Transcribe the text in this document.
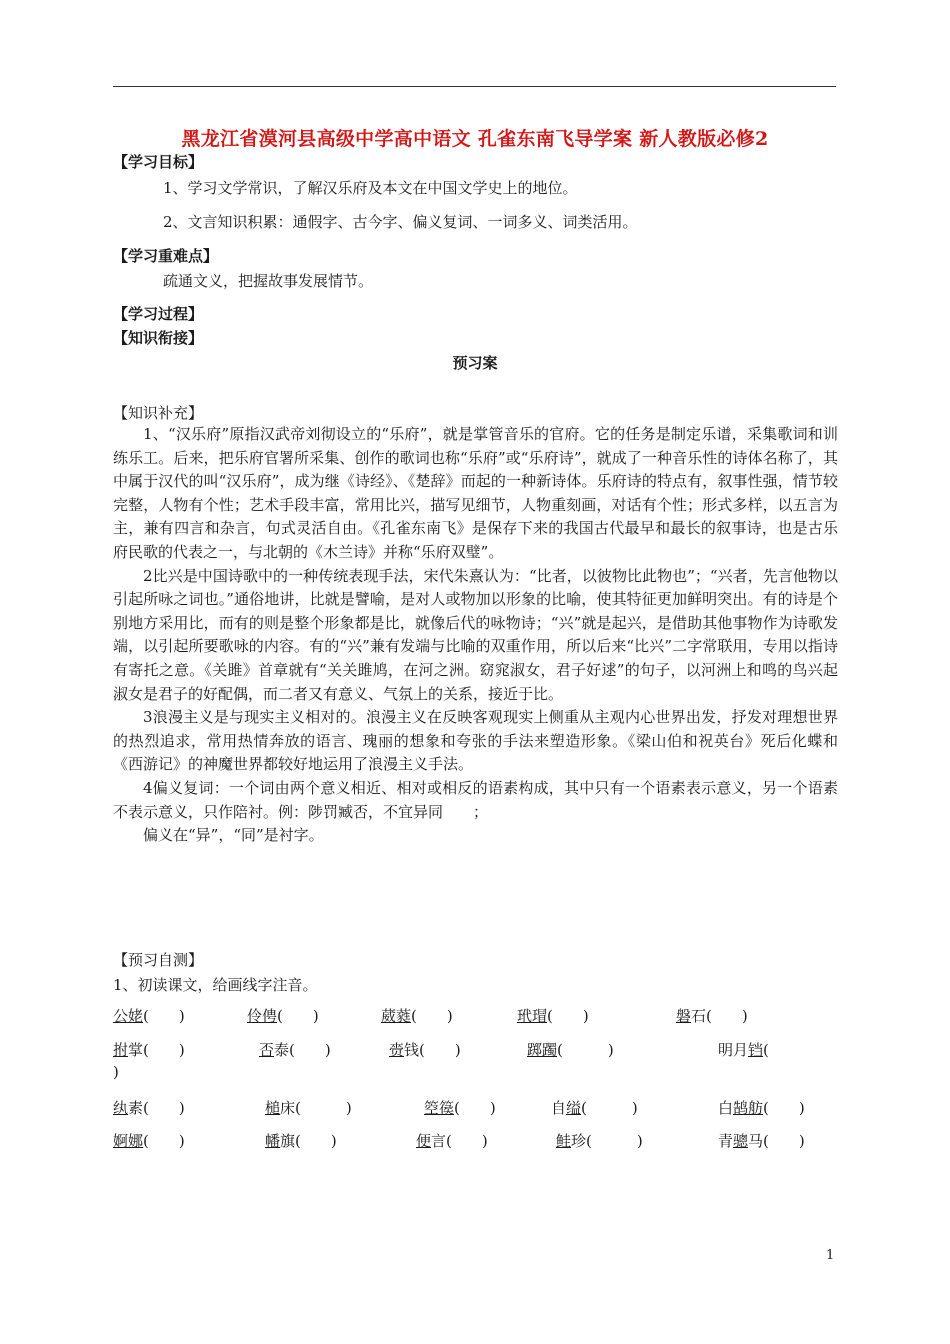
黑龙江省漠河县高级中学高中语文 孔雀东南飞导学案 新人教版必修2
【学习目标】
1、学习文学常识，了解汉乐府及本文在中国文学史上的地位。
2、文言知识积累：通假字、古今字、偏义复词、一词多义、词类活用。
【学习重难点】
疏通文义，把握故事发展情节。
【学习过程】
【知识衔接】
预习案
【知识补充】

1、“汉乐府”原指汉武帝刘彻设立的“乐府”，就是掌管音乐的官府。它的任务是制定乐谱，采集歌词和训练乐工。后来，把乐府官署所采集、创作的歌词也称“乐府”或“乐府诗”，就成了一种音乐性的诗体名称了，其中属于汉代的叫“汉乐府”，成为继《诗经》、《楚辞》而起的一种新诗体。乐府诗的特点有，叙事性强，情节较完整，人物有个性；艺术手段丰富，常用比兴，描写见细节，人物重刻画，对话有个性；形式多样，以五言为主，兼有四言和杂言，句式灵活自由。《孔雀东南飞》是保存下来的我国古代最早和最长的叙事诗，也是古乐府民歌的代表之一，与北朝的《木兰诗》并称“乐府双璧”。

2比兴是中国诗歌中的一种传统表现手法，宋代朱熹认为：“比者，以彼物比此物也”；“兴者，先言他物以引起所咏之词也。”通俗地讲，比就是譬喻，是对人或物加以形象的比喻，使其特征更加鲜明突出。有的诗是个别地方采用比，而有的则是整个形象都是比，就像后代的咏物诗；“兴”就是起兴，是借助其他事物作为诗歌发端，以引起所要歌咏的内容。有的“兴”兼有发端与比喻的双重作用，所以后来“比兴”二字常联用，专用以指诗有寄托之意。《关雎》首章就有“关关雎鸠，在河之洲。窈窕淑女，君子好逑”的句子，以河洲上和鸣的鸟兴起淑女是君子的好配偶，而二者又有意义、气氛上的关系，接近于比。

3浪漫主义是与现实主义相对的。浪漫主义在反映客观现实上侧重从主观内心世界出发，抒发对理想世界的热烈追求，常用热情奔放的语言、瑰丽的想象和夸张的手法来塑造形象。《梁山伯和祝英台》死后化蝶和《西游记》的神魔世界都较好地运用了浪漫主义手法。

4偏义复词：一个词由两个意义相近、相对或相反的语素构成，其中只有一个语素表示意义，另一个语素不表示意义，只作陪衬。例：陟罚臧否，不宜异同　　；

偏义在“异”，“同”是衬字。

【预习自测】
1、初读课文，给画线字注音。
公姥(　　)	伶俜(　　)	葳蕤(　　)	玳瑁(　　)	磐石(　　)
拊掌(　　)	否泰(　　)	赍钱(　　)	踯躅(　　　)	明月铛(
)
纨素(　　)	槌床(　　　)	箜篌(　　)	自缢(　　　)	白鹄舫(　　)
婀娜(　　)	幡旗(　　)	便言(　　)	鲑珍(　　　)	青骢马(　　)
1
